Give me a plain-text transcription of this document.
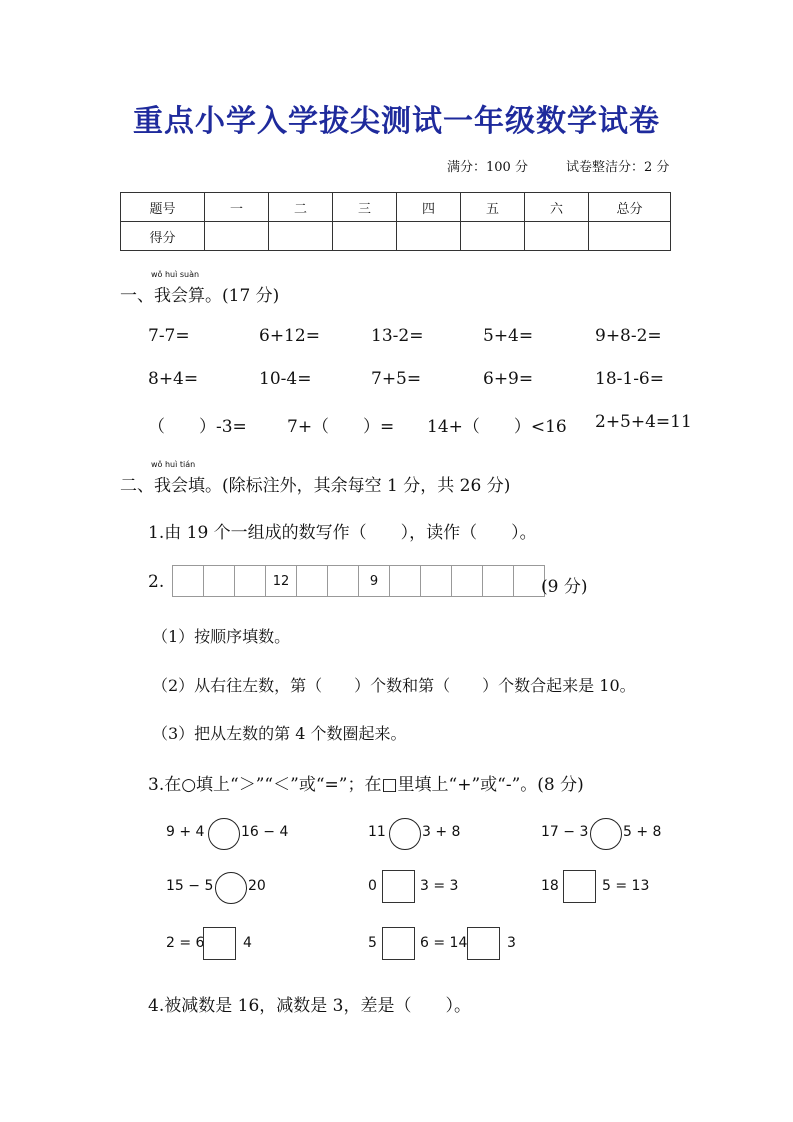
重点小学入学拔尖测试一年级数学试卷
满分：100 分	试卷整洁分：2 分
题号	一	二	三	四	五	六	总分
得分							
wǒ huì suàn
一、我会算。(17 分)
7-7=	6+12=	13-2=	5+4=	9+8-2=
8+4=	10-4=	7+5=	6+9=	18-1-6=
（　　）-3= 7+（　　）= 14+（　　）<16 2+5+4=11
wǒ huì tián
二、我会填。(除标注外，其余每空 1 分，共 26 分)
1.由 19 个一组成的数写作（　　），读作（　　）。
2.	12	9	(9 分)
（1）按顺序填数。
（2）从右往左数，第（　　）个数和第（　　）个数合起来是 10。
（3）把从左数的第 4 个数圈起来。
3.在○填上“＞”“＜”或“=”；在□里填上“+”或“-”。(8 分)
9 + 4	16 − 4	11	3 + 8	17 − 3 5 + 8
15 − 5 20	0	3 = 3	18	5 = 13
2 = 6	4	5	6 = 14	3
4.被减数是 16，减数是 3，差是（　　）。
